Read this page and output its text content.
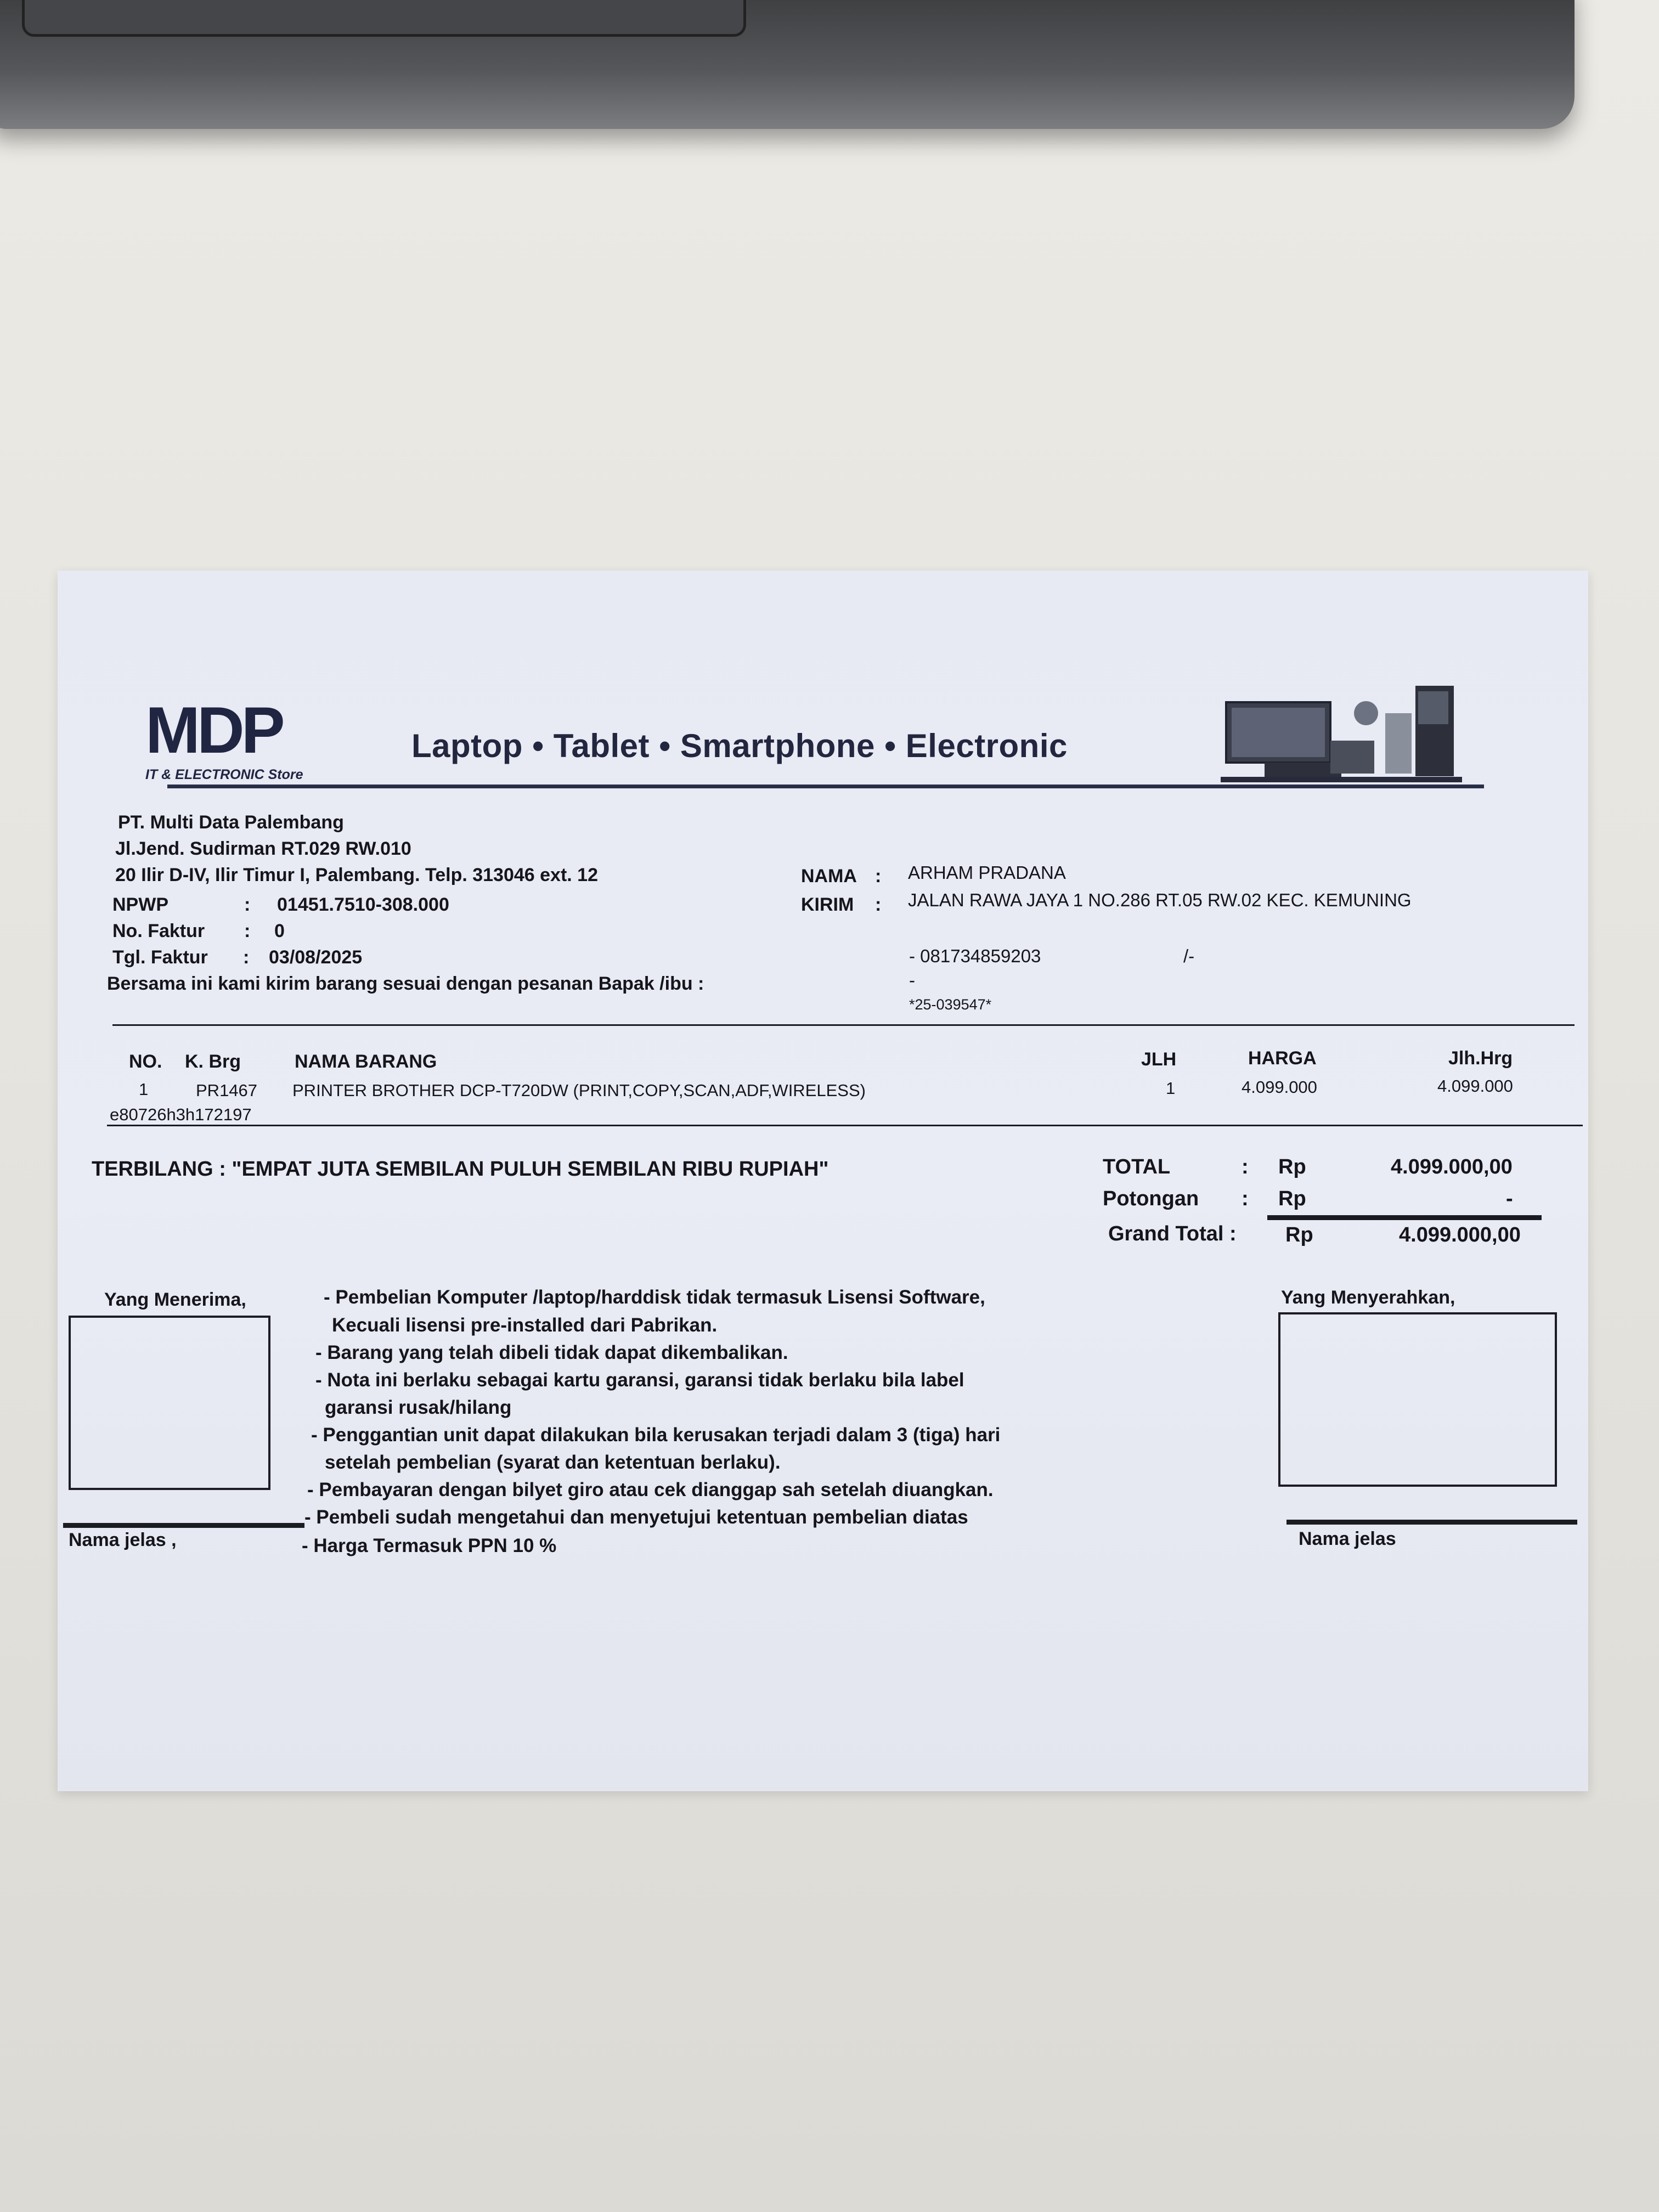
MDP
IT & ELECTRONIC Store
Laptop • Tablet • Smartphone • Electronic
PT. Multi Data Palembang
Jl.Jend. Sudirman RT.029 RW.010
20 Ilir D-IV, Ilir Timur I, Palembang. Telp. 313046 ext. 12
NPWP	: 01451.7510-308.000
No. Faktur : 0
Tgl. Faktur : 03/08/2025
Bersama ini kami kirim barang sesuai dengan pesanan Bapak /ibu :
NAMA : ARHAM PRADANA
KIRIM : JALAN RAWA JAYA 1 NO.286 RT.05 RW.02 KEC. KEMUNING
- 081734859203	/-
-
*25-039547*
NO. K. Brg	NAMA BARANG	JLH	HARGA	Jlh.Hrg
1	PR1467 PRINTER BROTHER DCP-T720DW (PRINT,COPY,SCAN,ADF,WIRELESS)	1	4.099.000	4.099.000
e80726h3h172197
TERBILANG : "EMPAT JUTA SEMBILAN PULUH SEMBILAN RIBU RUPIAH"	TOTAL	: Rp	4.099.000,00
Potongan : Rp	-
Grand Total : Rp	4.099.000,00
Yang Menerima,
Nama jelas ,
- Pembelian Komputer /laptop/harddisk tidak termasuk Lisensi Software,
Kecuali lisensi pre-installed dari Pabrikan.
- Barang yang telah dibeli tidak dapat dikembalikan.
- Nota ini berlaku sebagai kartu garansi, garansi tidak berlaku bila label
garansi rusak/hilang
- Penggantian unit dapat dilakukan bila kerusakan terjadi dalam 3 (tiga) hari
setelah pembelian (syarat dan ketentuan berlaku).
- Pembayaran dengan bilyet giro atau cek dianggap sah setelah diuangkan.
- Pembeli sudah mengetahui dan menyetujui ketentuan pembelian diatas
- Harga Termasuk PPN 10 %
Yang Menyerahkan,
Nama jelas
